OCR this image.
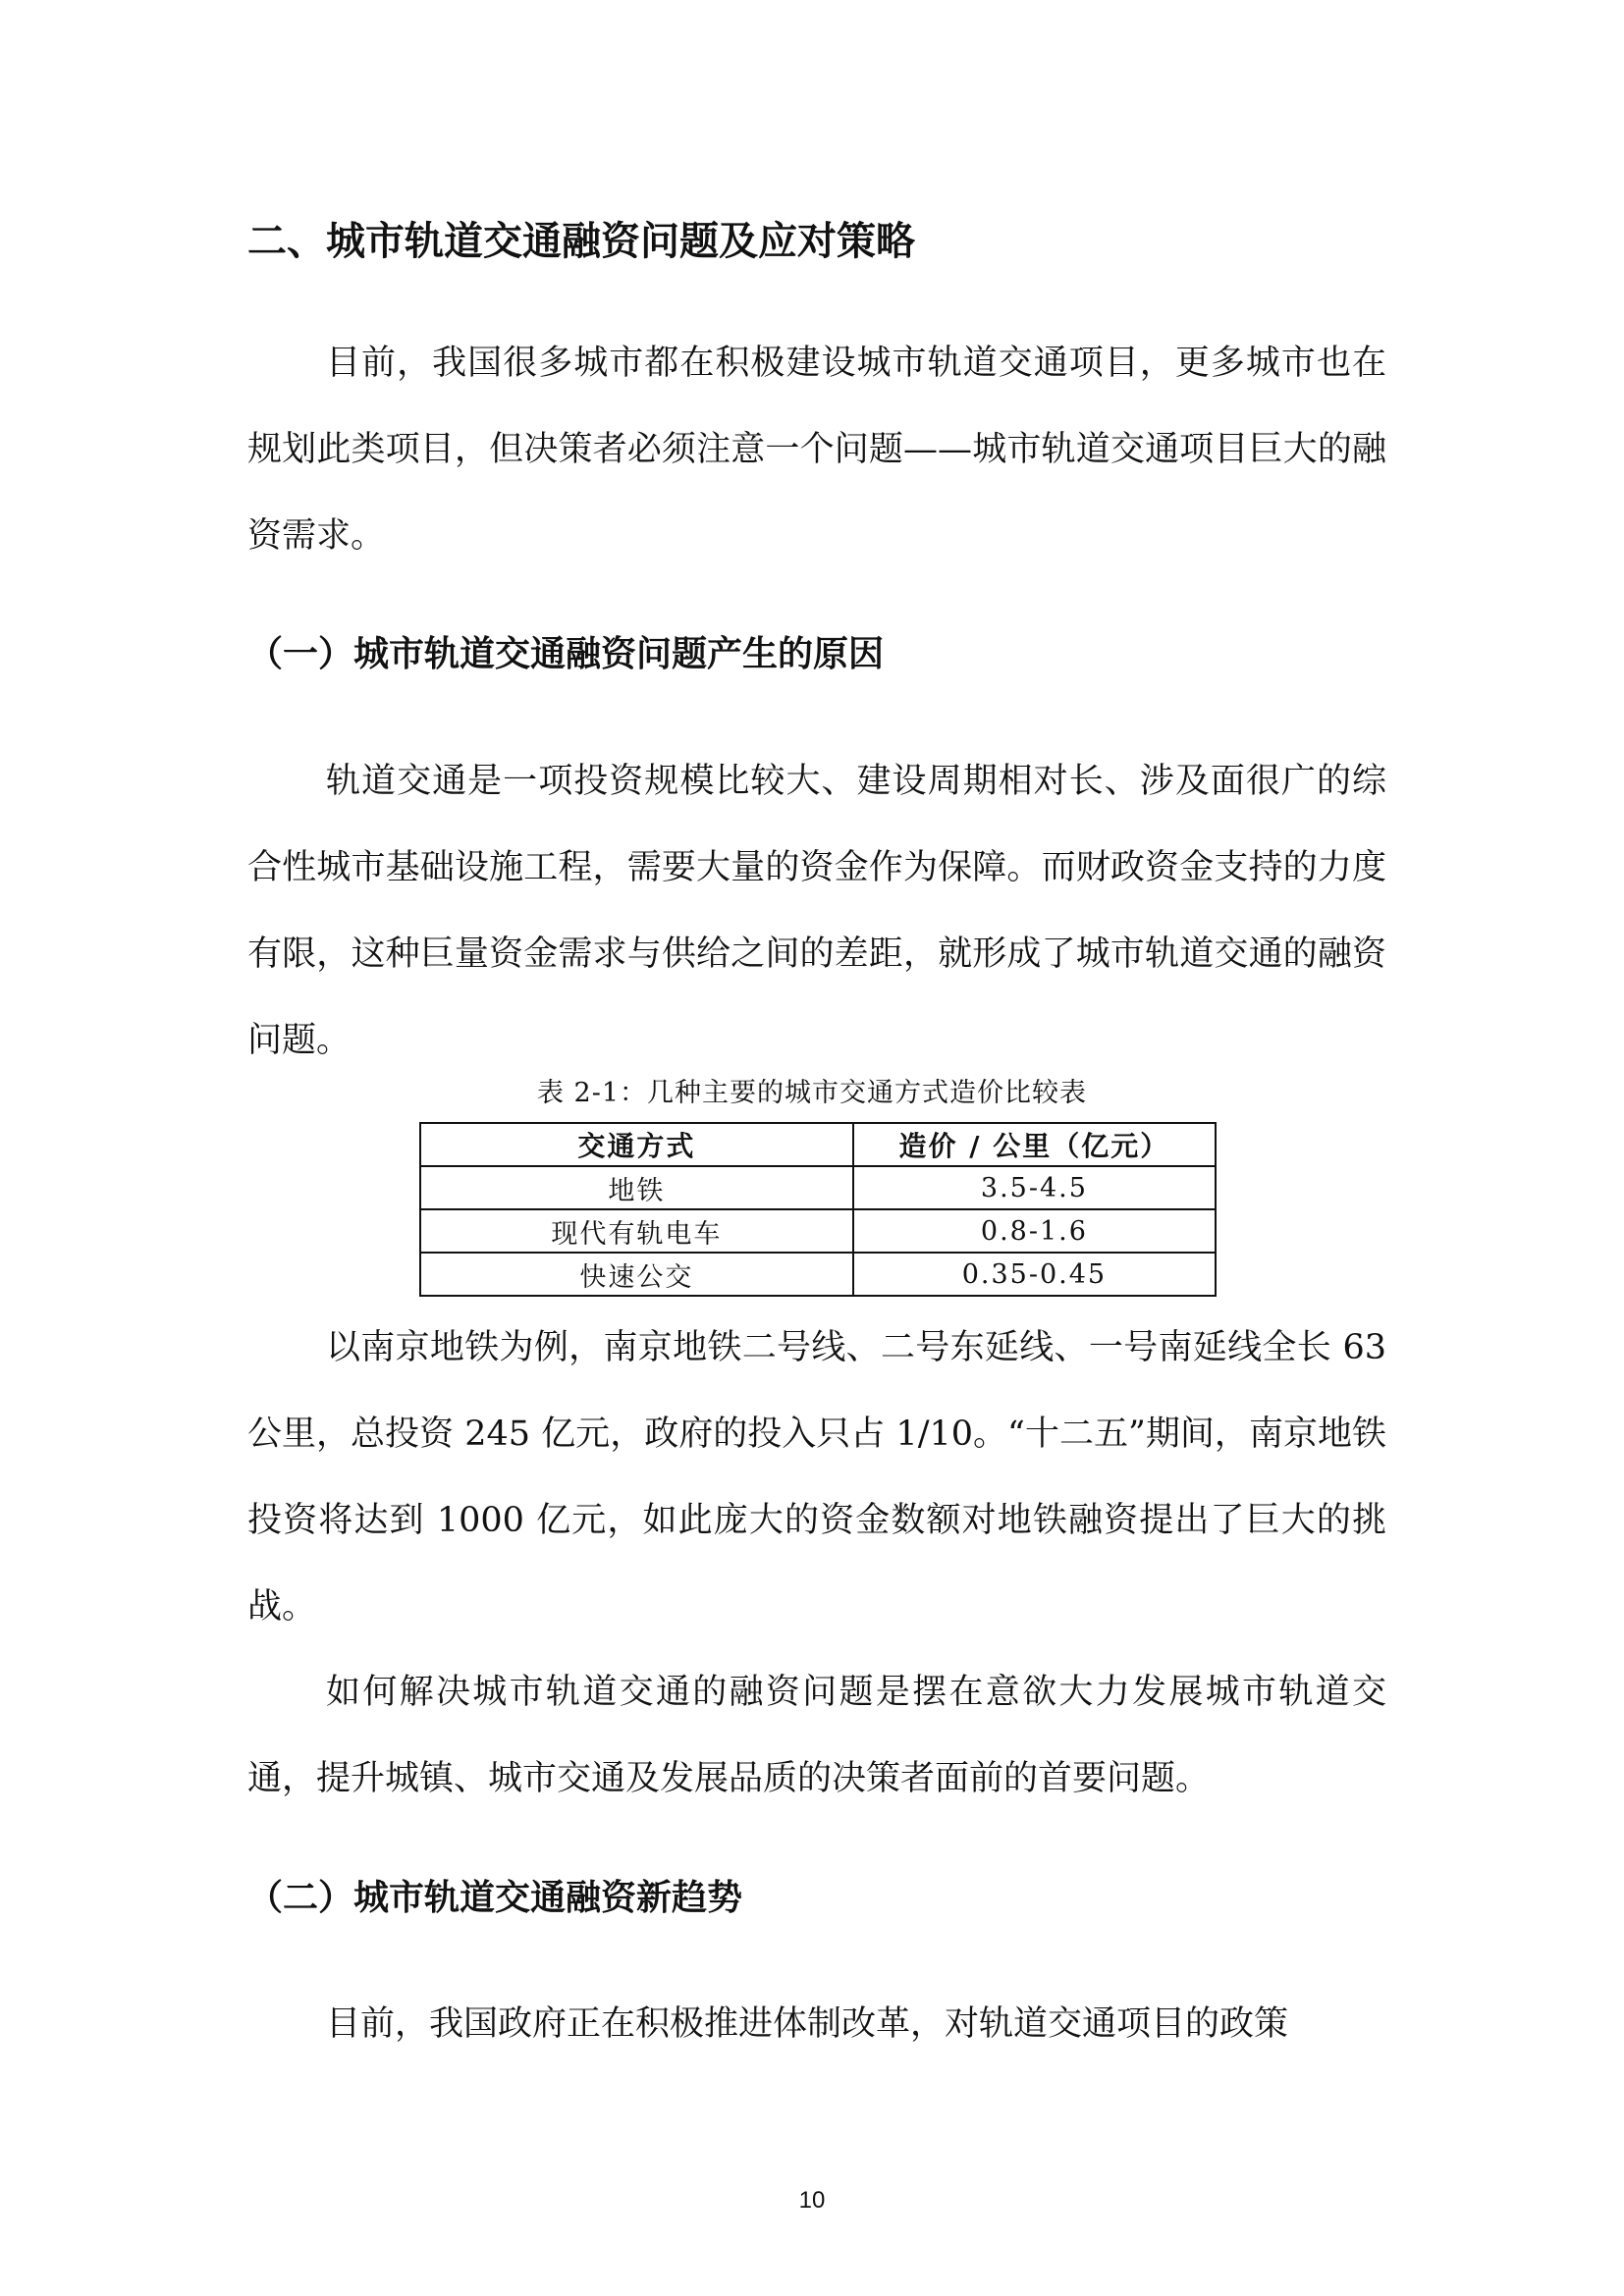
二、城市轨道交通融资问题及应对策略

目前，我国很多城市都在积极建设城市轨道交通项目，更多城市也在规划此类项目，但决策者必须注意一个问题——城市轨道交通项目巨大的融资需求。

（一）城市轨道交通融资问题产生的原因

轨道交通是一项投资规模比较大、建设周期相对长、涉及面很广的综合性城市基础设施工程，需要大量的资金作为保障。而财政资金支持的力度有限，这种巨量资金需求与供给之间的差距，就形成了城市轨道交通的融资问题。

表 2-1：几种主要的城市交通方式造价比较表
交通方式	造价 / 公里（亿元）
地铁	3.5-4.5
现代有轨电车	0.8-1.6
快速公交	0.35-0.45

以南京地铁为例，南京地铁二号线、二号东延线、一号南延线全长 63 公里，总投资 245 亿元，政府的投入只占 1/10。“十二五”期间，南京地铁投资将达到 1000 亿元，如此庞大的资金数额对地铁融资提出了巨大的挑战。

如何解决城市轨道交通的融资问题是摆在意欲大力发展城市轨道交通，提升城镇、城市交通及发展品质的决策者面前的首要问题。

（二）城市轨道交通融资新趋势

目前，我国政府正在积极推进体制改革，对轨道交通项目的政策

10
